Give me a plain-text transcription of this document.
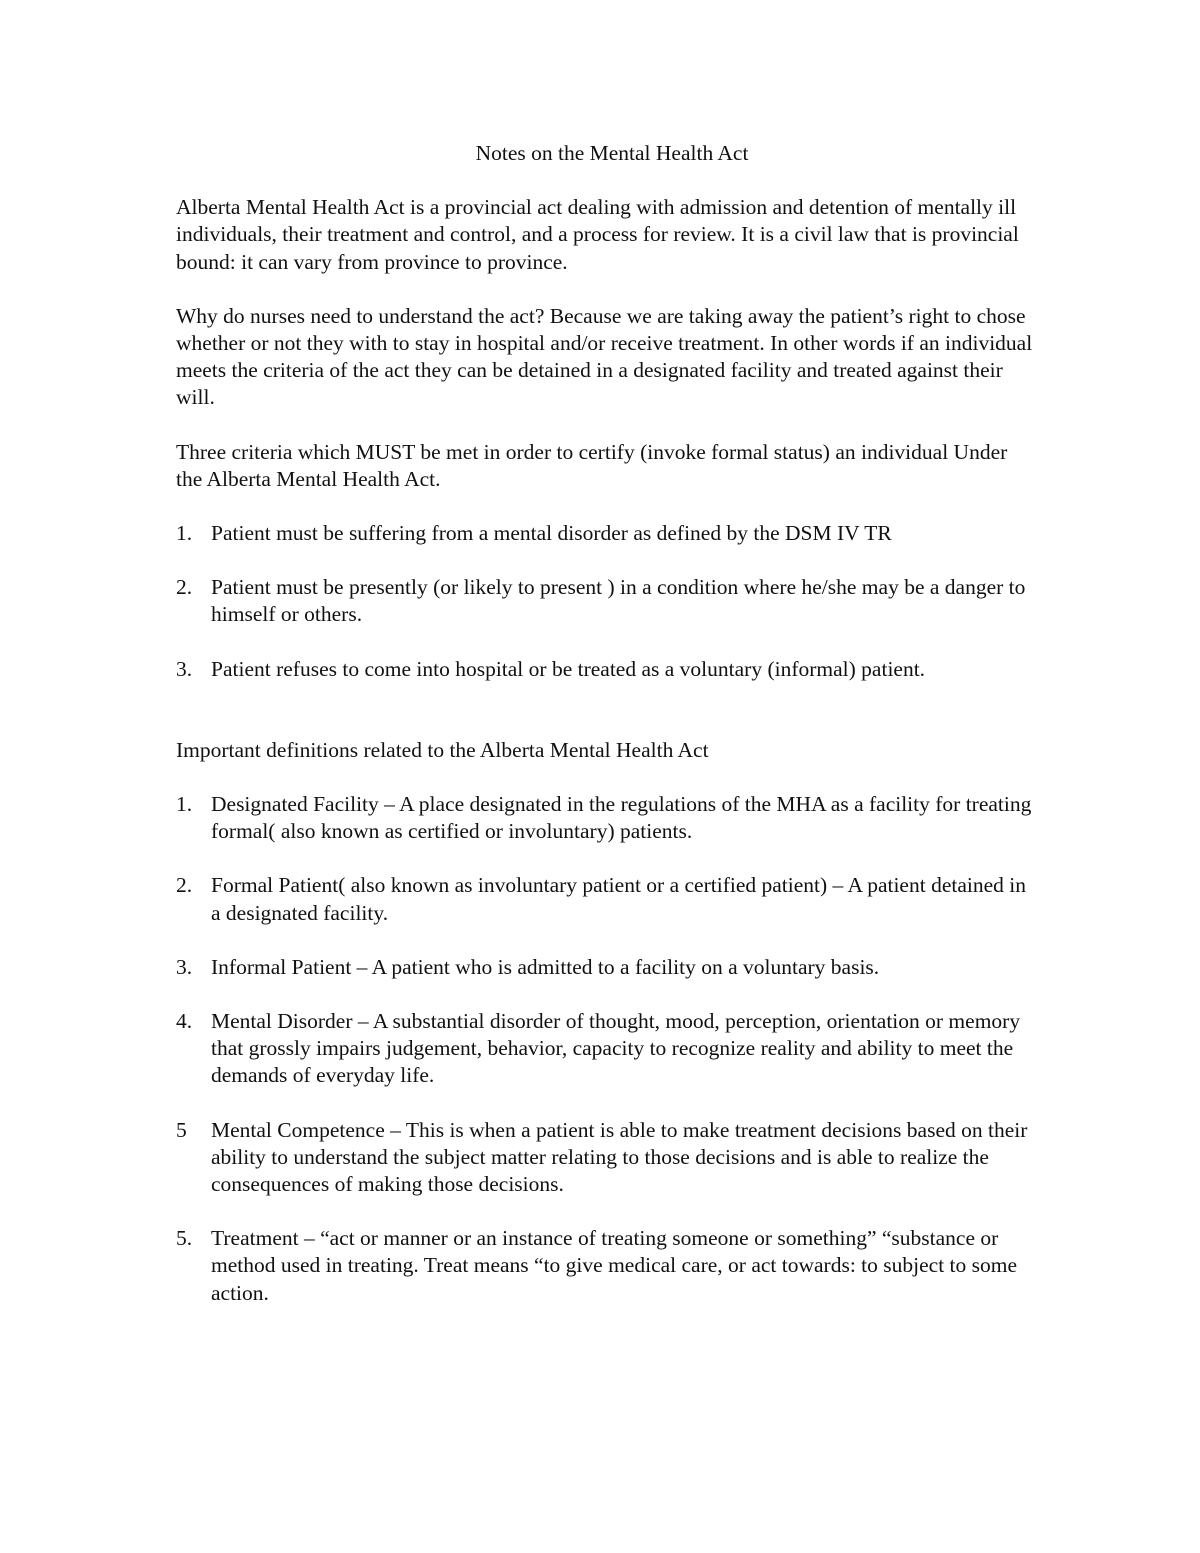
Notes on the Mental Health Act

Alberta Mental Health Act is a provincial act dealing with admission and detention of mentally ill individuals, their treatment and control, and a process for review. It is a civil law that is provincial bound: it can vary from province to province.

Why do nurses need to understand the act? Because we are taking away the patient’s right to chose whether or not they with to stay in hospital and/or receive treatment. In other words if an individual meets the criteria of the act they can be detained in a designated facility and treated against their will.

Three criteria which MUST be met in order to certify (invoke formal status) an individual Under the Alberta Mental Health Act.

1. Patient must be suffering from a mental disorder as defined by the DSM IV TR
2. Patient must be presently (or likely to present ) in a condition where he/she may be a danger to himself or others.
3. Patient refuses to come into hospital or be treated as a voluntary (informal) patient.

Important definitions related to the Alberta Mental Health Act

1. Designated Facility – A place designated in the regulations of the MHA as a facility for treating formal( also known as certified or involuntary) patients.
2. Formal Patient( also known as involuntary patient or a certified patient) – A patient detained in a designated facility.
3. Informal Patient – A patient who is admitted to a facility on a voluntary basis.
4. Mental Disorder – A substantial disorder of thought, mood, perception, orientation or memory that grossly impairs judgement, behavior, capacity to recognize reality and ability to meet the demands of everyday life.
5	Mental Competence – This is when a patient is able to make treatment decisions based on their ability to understand the subject matter relating to those decisions and is able to realize the consequences of making those decisions.
5. Treatment – “act or manner or an instance of treating someone or something” “substance or method used in treating. Treat means “to give medical care, or act towards: to subject to some action.
